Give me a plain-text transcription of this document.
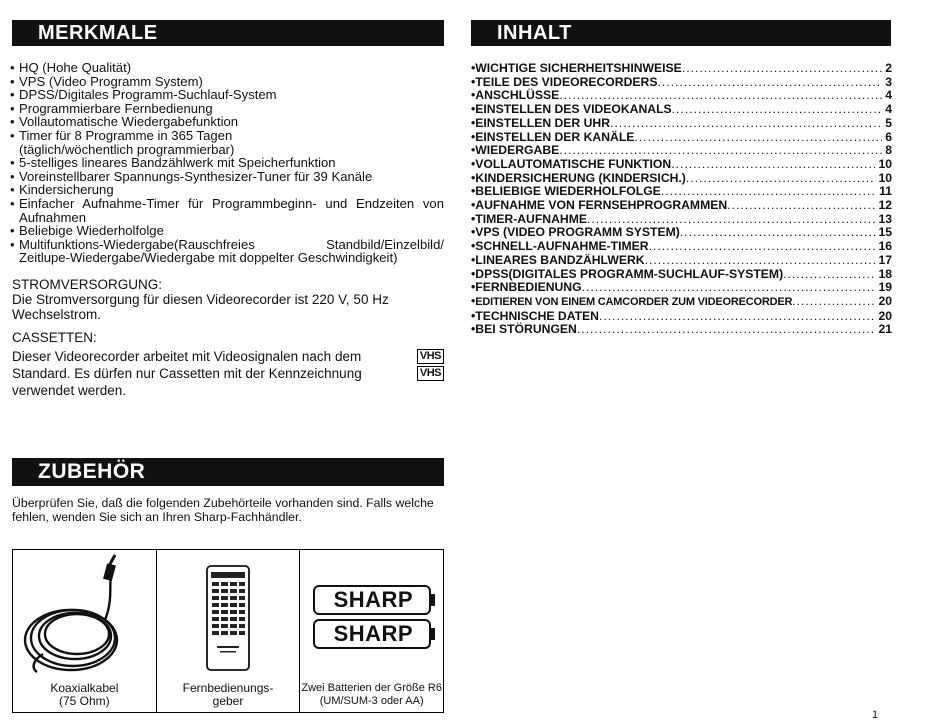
MERKMALE	INHALT
ZUBEHÖR
• HQ (Hohe Qualität)
• VPS (Video Programm System)
• DPSS/Digitales Programm-Suchlauf-System
• Programmierbare Fernbedienung
• Vollautomatische Wiedergabefunktion
• Timer für 8 Programme in 365 Tagen
(täglich/wöchentlich programmierbar)
• 5-stelliges lineares Bandzählwerk mit Speicherfunktion
• Voreinstellbarer Spannungs-Synthesizer-Tuner für 39 Kanäle
• Kindersicherung
• Einfacher Aufnahme-Timer für Programmbeginn- und Endzeiten von
Aufnahmen
• Beliebige Wiederholfolge
• Multifunktions-Wiedergabe(Rauschfreies Standbild/Einzelbild/
Zeitlupe-Wiedergabe/Wiedergabe mit doppelter Geschwindigkeit)
STROMVERSORGUNG:
Die Stromversorgung für diesen Videorecorder ist 220 V, 50 Hz Wechselstrom.
CASSETTEN:
Dieser Videorecorder arbeitet mit Videosignalen nach dem	VHS
Standard. Es dürfen nur Cassetten mit der Kennzeichnung	VHS
verwendet werden.
• WICHTIGE SICHERHEITSHINWEISE .....	2
• TEILE DES VIDEORECORDERS .....	3
• ANSCHLÜSSE .....	4
• EINSTELLEN DES VIDEOKANALS .....	4
• EINSTELLEN DER UHR .....	5
• EINSTELLEN DER KANÄLE .....	6
• WIEDERGABE .....	8
• VOLLAUTOMATISCHE FUNKTION .....	10
• KINDERSICHERUNG (KINDERSICH.) .....	10
• BELIEBIGE WIEDERHOLFOLGE .....	11
• AUFNAHME VON FERNSEHPROGRAMMEN .....	12
• TIMER-AUFNAHME .....	13
• VPS (VIDEO PROGRAMM SYSTEM) .....	15
• SCHNELL-AUFNAHME-TIMER .....	16
• LINEARES BANDZÄHLWERK .....	17
• DPSS(DIGITALES PROGRAMM-SUCHLAUF-SYSTEM) .....	18
• FERNBEDIENUNG .....	19
• EDITIEREN VON EINEM CAMCORDER ZUM VIDEORECORDER .....	20
• TECHNISCHE DATEN .....	20
• BEI STÖRUNGEN .....	21
Überprüfen Sie, daß die folgenden Zubehörteile vorhanden sind. Falls welche fehlen, wenden Sie sich an Ihren Sharp-Fachhändler.
Koaxialkabel
(75 Ohm)
Fernbedienungs-
geber
SHARP
SHARP
Zwei Batterien der Größe R6
(UM/SUM-3 oder AA)
1
